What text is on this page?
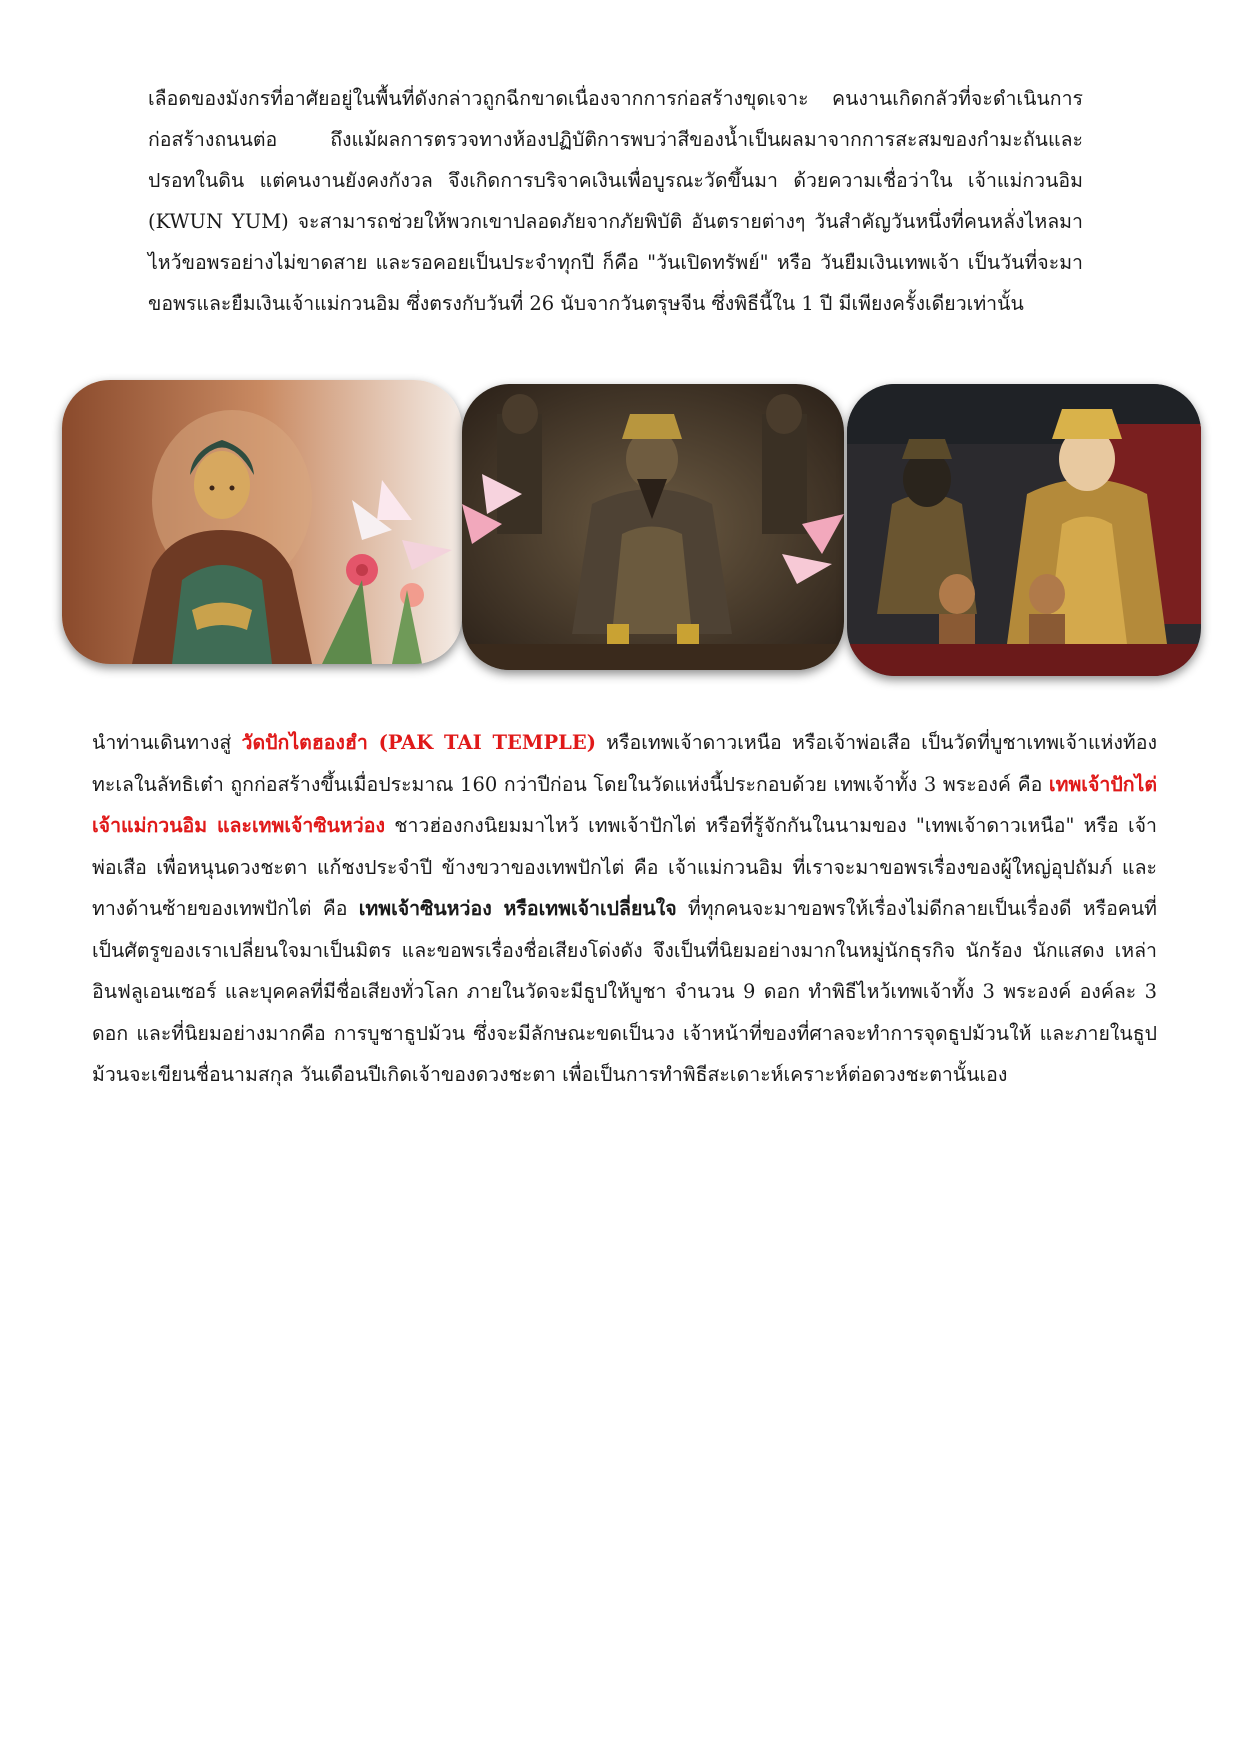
เลือดของมังกรที่อาศัยอยู่ในพื้นที่ดังกล่าวถูกฉีกขาดเนื่องจากการก่อสร้างขุดเจาะ คนงานเกิดกลัวที่จะดำเนินการก่อสร้างถนนต่อ ถึงแม้ผลการตรวจทางห้องปฏิบัติการพบว่าสีของน้ำเป็นผลมาจากการสะสมของกำมะถันและปรอทในดิน แต่คนงานยังคงกังวล จึงเกิดการบริจาคเงินเพื่อบูรณะวัดขึ้นมา ด้วยความเชื่อว่าใน เจ้าแม่กวนอิม (KWUN YUM) จะสามารถช่วยให้พวกเขาปลอดภัยจากภัยพิบัติ อันตรายต่างๆ วันสำคัญวันหนึ่งที่คนหลั่งไหลมาไหว้ขอพรอย่างไม่ขาดสาย และรอคอยเป็นประจำทุกปี ก็คือ "วันเปิดทรัพย์" หรือ วันยืมเงินเทพเจ้า เป็นวันที่จะมาขอพรและยืมเงินเจ้าแม่กวนอิม ซึ่งตรงกับวันที่ 26 นับจากวันตรุษจีน ซึ่งพิธีนี้ใน 1 ปี มีเพียงครั้งเดียวเท่านั้น

นำท่านเดินทางสู่ วัดปักไตฮองฮำ (PAK TAI TEMPLE) หรือเทพเจ้าดาวเหนือ หรือเจ้าพ่อเสือ เป็นวัดที่บูชาเทพเจ้าแห่งท้องทะเลในลัทธิเต๋า ถูกก่อสร้างขึ้นเมื่อประมาณ 160 กว่าปีก่อน โดยในวัดแห่งนี้ประกอบด้วย เทพเจ้าทั้ง 3 พระองค์ คือ เทพเจ้าปักไต่ เจ้าแม่กวนอิม และเทพเจ้าซินหว่อง ชาวฮ่องกงนิยมมาไหว้ เทพเจ้าปักไต่ หรือที่รู้จักกันในนามของ "เทพเจ้าดาวเหนือ" หรือ เจ้าพ่อเสือ เพื่อหนุนดวงชะตา แก้ชงประจำปี ข้างขวาของเทพปักไต่ คือ เจ้าแม่กวนอิม ที่เราจะมาขอพรเรื่องของผู้ใหญ่อุปถัมภ์ และทางด้านซ้ายของเทพปักไต่ คือ เทพเจ้าซินหว่อง หรือเทพเจ้าเปลี่ยนใจ ที่ทุกคนจะมาขอพรให้เรื่องไม่ดีกลายเป็นเรื่องดี หรือคนที่เป็นศัตรูของเราเปลี่ยนใจมาเป็นมิตร และขอพรเรื่องชื่อเสียงโด่งดัง จึงเป็นที่นิยมอย่างมากในหมู่นักธุรกิจ นักร้อง นักแสดง เหล่าอินฟลูเอนเซอร์ และบุคคลที่มีชื่อเสียงทั่วโลก ภายในวัดจะมีธูปให้บูชา จำนวน 9 ดอก ทำพิธีไหว้เทพเจ้าทั้ง 3 พระองค์ องค์ละ 3 ดอก และที่นิยมอย่างมากคือ การบูชาธูปม้วน ซึ่งจะมีลักษณะขดเป็นวง เจ้าหน้าที่ของที่ศาลจะทำการจุดธูปม้วนให้ และภายในธูปม้วนจะเขียนชื่อนามสกุล วันเดือนปีเกิดเจ้าของดวงชะตา เพื่อเป็นการทำพิธีสะเดาะห์เคราะห์ต่อดวงชะตานั้นเอง
